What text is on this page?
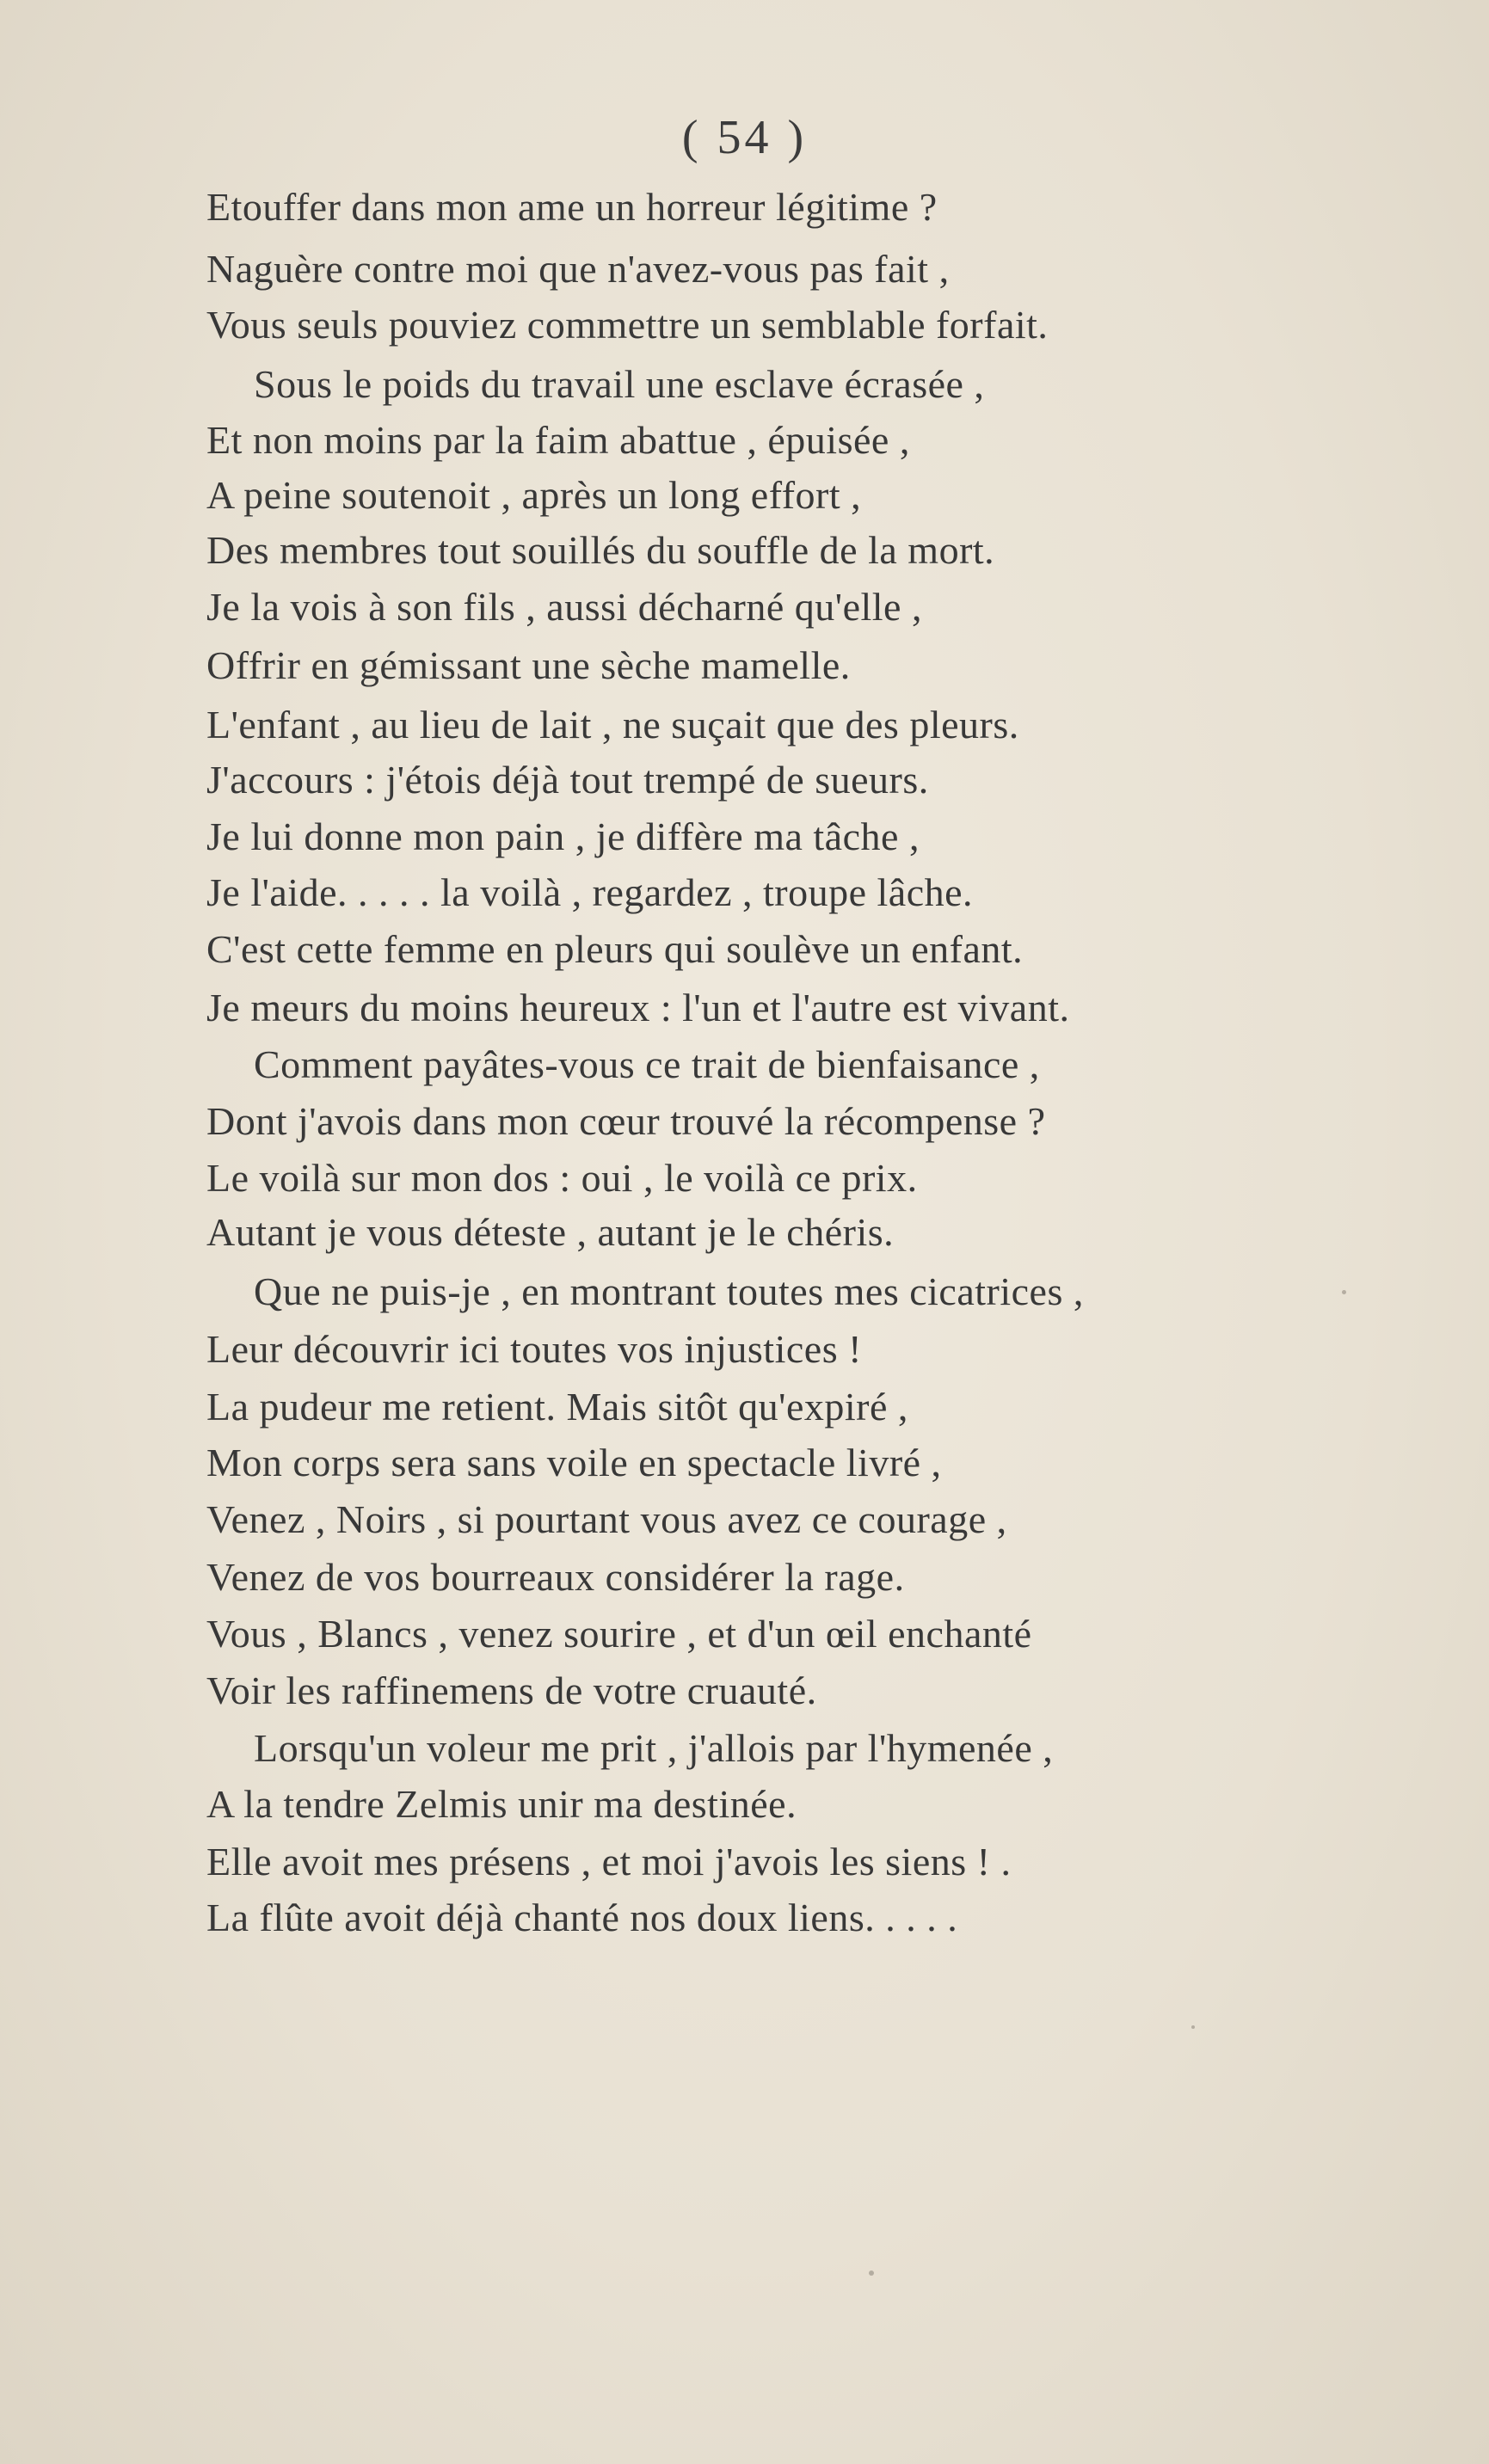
( 54 )
Etouffer dans mon ame un horreur légitime ?
Naguère contre moi que n'avez-vous pas fait ,
Vous seuls pouviez commettre un semblable forfait.
Sous le poids du travail une esclave écrasée ,
Et non moins par la faim abattue , épuisée ,
A peine soutenoit , après un long effort ,
Des membres tout souillés du souffle de la mort.
Je la vois à son fils , aussi décharné qu'elle ,
Offrir en gémissant une sèche mamelle.
L'enfant , au lieu de lait , ne suçait que des pleurs.
J'accours : j'étois déjà tout trempé de sueurs.
Je lui donne mon pain , je diffère ma tâche ,
Je l'aide. . . . . la voilà , regardez , troupe lâche.
C'est cette femme en pleurs qui soulève un enfant.
Je meurs du moins heureux : l'un et l'autre est vivant.
Comment payâtes-vous ce trait de bienfaisance ,
Dont j'avois dans mon cœur trouvé la récompense ?
Le voilà sur mon dos : oui , le voilà ce prix.
Autant je vous déteste , autant je le chéris.
Que ne puis-je , en montrant toutes mes cicatrices ,
Leur découvrir ici toutes vos injustices !
La pudeur me retient. Mais sitôt qu'expiré ,
Mon corps sera sans voile en spectacle livré ,
Venez , Noirs , si pourtant vous avez ce courage ,
Venez de vos bourreaux considérer la rage.
Vous , Blancs , venez sourire , et d'un œil enchanté
Voir les raffinemens de votre cruauté.
Lorsqu'un voleur me prit , j'allois par l'hymenée ,
A la tendre Zelmis unir ma destinée.
Elle avoit mes présens , et moi j'avois les siens ! .
La flûte avoit déjà chanté nos doux liens. . . . .
